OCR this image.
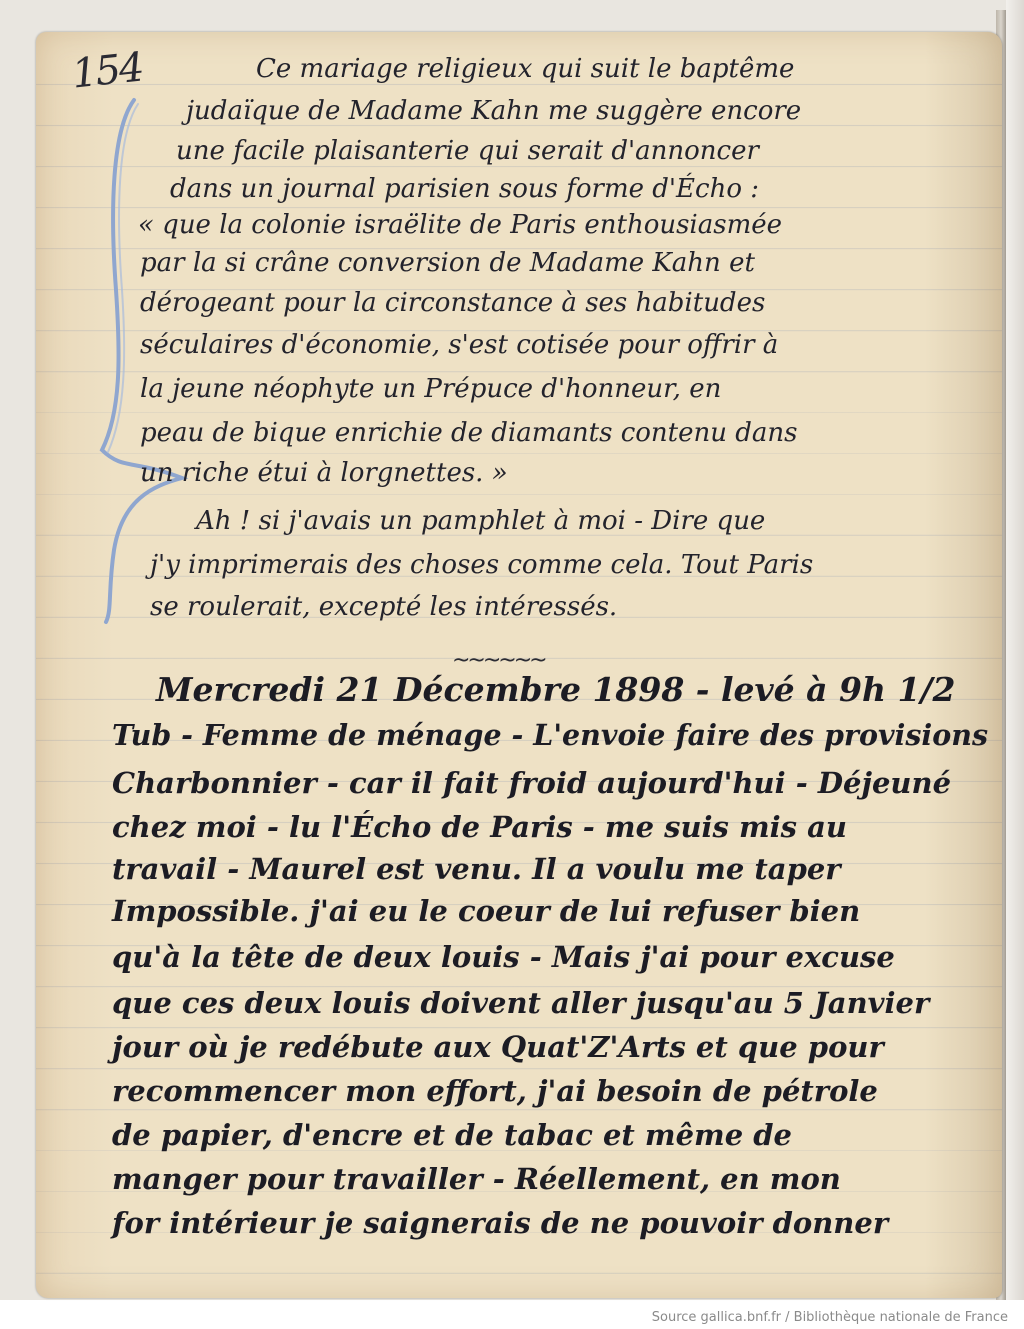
154	Ce mariage religieux qui suit le baptême
judaïque de Madame Kahn me suggère encore
une facile plaisanterie qui serait d'annoncer
dans un journal parisien sous forme d'Écho :
« que la colonie israëlite de Paris enthousiasmée
par la si crâne conversion de Madame Kahn et
dérogeant pour la circonstance à ses habitudes
séculaires d'économie, s'est cotisée pour offrir à
la jeune néophyte un Prépuce d'honneur, en
peau de bique enrichie de diamants contenu dans
un riche étui à lorgnettes. »
Ah ! si j'avais un pamphlet à moi - Dire que
j'y imprimerais des choses comme cela. Tout Paris
se roulerait, excepté les intéressés.
~~~~~~
Mercredi 21 Décembre 1898 - levé à 9h 1/2
Tub - Femme de ménage - L'envoie faire des provisions
Charbonnier - car il fait froid aujourd'hui - Déjeuné
chez moi - lu l'Écho de Paris - me suis mis au
travail - Maurel est venu. Il a voulu me taper
Impossible. j'ai eu le coeur de lui refuser bien
qu'à la tête de deux louis - Mais j'ai pour excuse
que ces deux louis doivent aller jusqu'au 5 Janvier
jour où je redébute aux Quat'Z'Arts et que pour
recommencer mon effort, j'ai besoin de pétrole
de papier, d'encre et de tabac et même de
manger pour travailler - Réellement, en mon
for intérieur je saignerais de ne pouvoir donner
Source gallica.bnf.fr / Bibliothèque nationale de France
